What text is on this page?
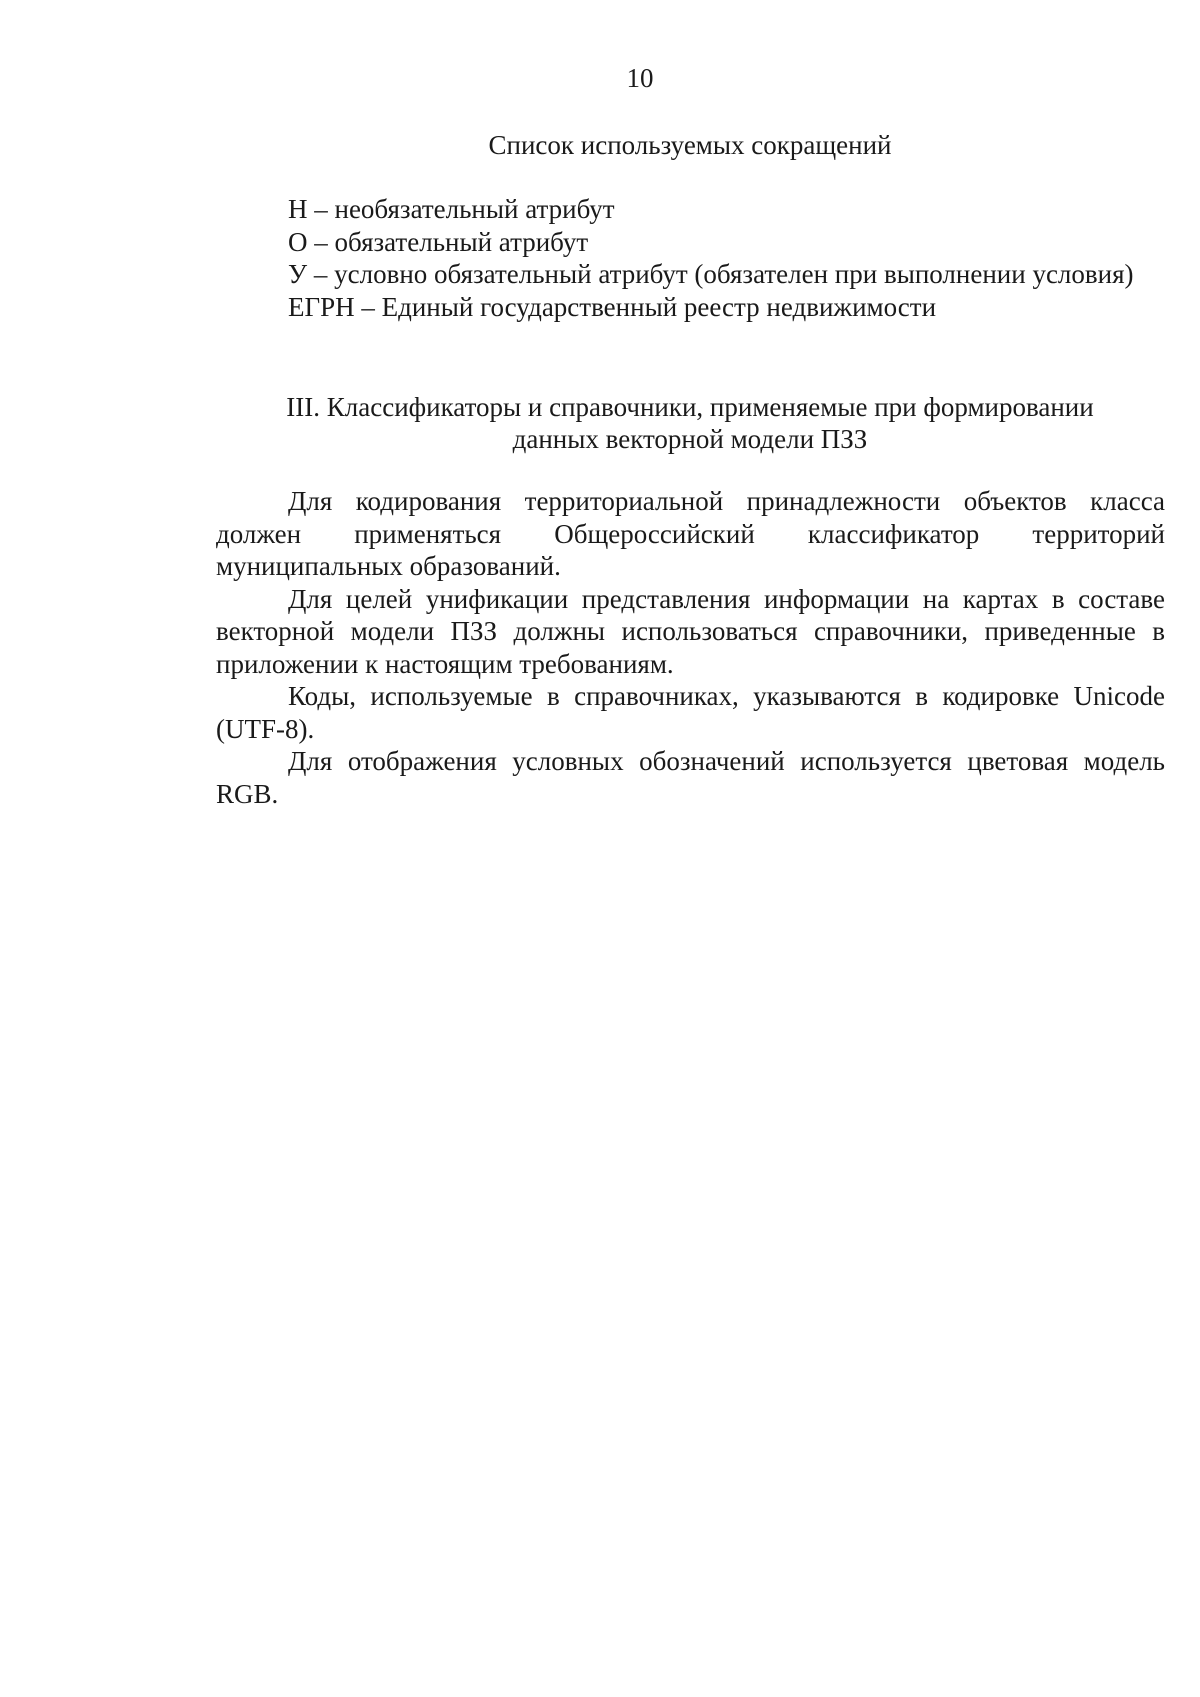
10
Список используемых сокращений
Н – необязательный атрибут
О – обязательный атрибут

У – условно обязательный атрибут (обязателен при выполнении условия)

ЕГРН – Единый государственный реестр недвижимости
III. Классификаторы и справочники, применяемые при формировании
данных векторной модели ПЗЗ

Для кодирования территориальной принадлежности объектов класса должен применяться Общероссийский классификатор территорий муниципальных образований.

Для целей унификации представления информации на картах в составе векторной модели ПЗЗ должны использоваться справочники, приведенные в приложении к настоящим требованиям.

Коды, используемые в справочниках, указываются в кодировке Unicode (UTF-8).

Для отображения условных обозначений используется цветовая модель RGB.
